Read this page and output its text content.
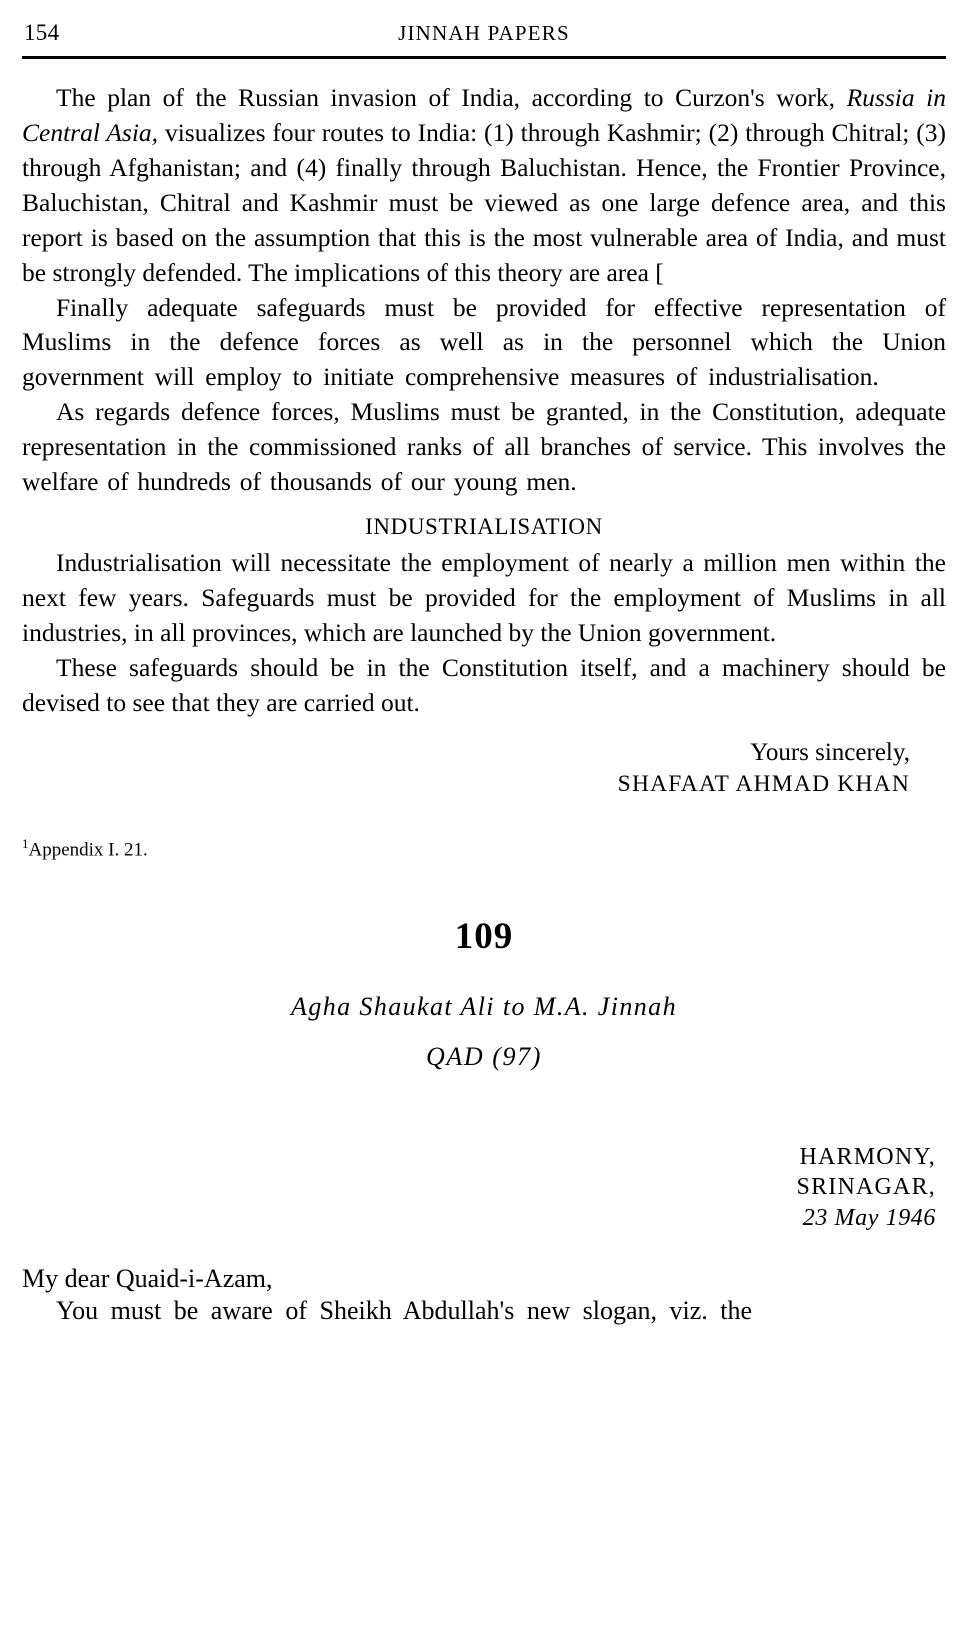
154	JINNAH PAPERS

The plan of the Russian invasion of India, according to Curzon's work, Russia in Central Asia, visualizes four routes to India: (1) through Kashmir; (2) through Chitral; (3) through Afghanistan; and (4) finally through Baluchistan. Hence, the Frontier Province, Baluchistan, Chitral and Kashmir must be viewed as one large defence area, and this report is based on the assumption that this is the most vulnerable area of India, and must be strongly defended. The implications of this theory are area [

Finally adequate safeguards must be provided for effective representation of Muslims in the defence forces as well as in the personnel which the Union government will employ to initiate comprehensive measures of industrialisation.

As regards defence forces, Muslims must be granted, in the Constitution, adequate representation in the commissioned ranks of all branches of service. This involves the welfare of hundreds of thousands of our young men.

INDUSTRIALISATION

Industrialisation will necessitate the employment of nearly a million men within the next few years. Safeguards must be provided for the employment of Muslims in all industries, in all provinces, which are launched by the Union government.

These safeguards should be in the Constitution itself, and a machinery should be devised to see that they are carried out.

Yours sincerely,
SHAFAAT AHMAD KHAN
$^1$Appendix I. 21.
109
Agha Shaukat Ali to M.A. Jinnah
QAD (97)
HARMONY,
SRINAGAR,
23 May 1946
My dear Quaid-i-Azam,
You must be aware of Sheikh Abdullah's new slogan, viz. the
